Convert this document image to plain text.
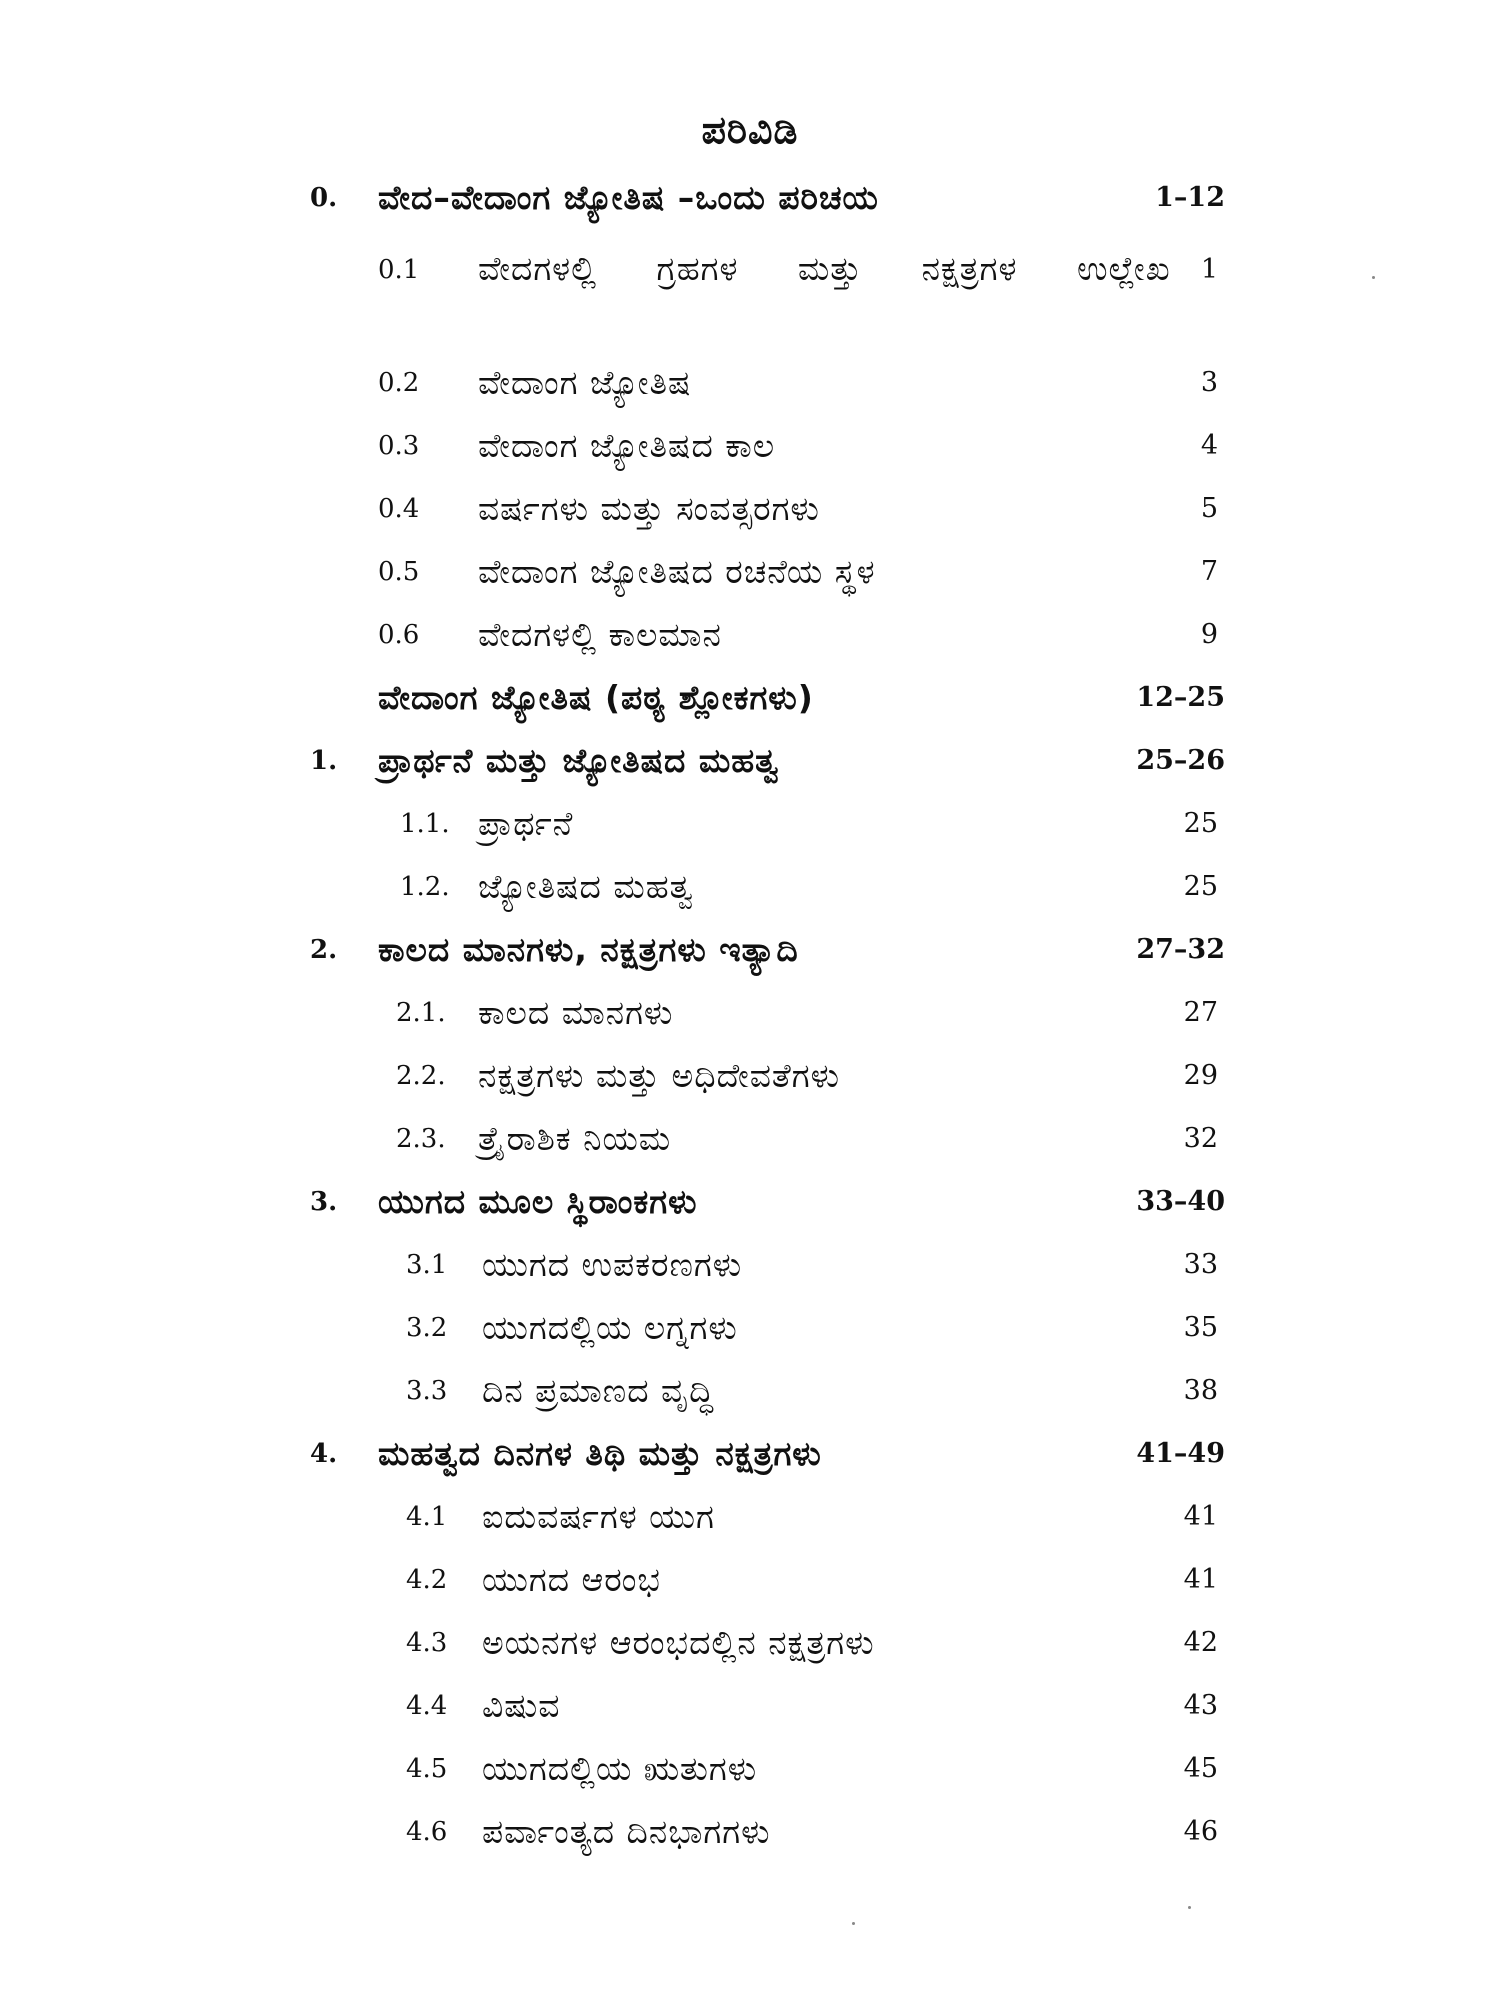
ಪರಿವಿಡಿ
0. ವೇದ–ವೇದಾಂಗ ಜ್ಯೋತಿಷ –ಒಂದು ಪರಿಚಯ	1–12
0.1 ವೇದಗಳಲ್ಲಿ ಗ್ರಹಗಳ ಮತ್ತು ನಕ್ಷತ್ರಗಳ ಉಲ್ಲೇಖ	1
0.2 ವೇದಾಂಗ ಜ್ಯೋತಿಷ	3
0.3 ವೇದಾಂಗ ಜ್ಯೋತಿಷದ ಕಾಲ	4
0.4 ವರ್ಷಗಳು ಮತ್ತು ಸಂವತ್ಸರಗಳು	5
0.5 ವೇದಾಂಗ ಜ್ಯೋತಿಷದ ರಚನೆಯ ಸ್ಥಳ	7
0.6 ವೇದಗಳಲ್ಲಿ ಕಾಲಮಾನ	9
ವೇದಾಂಗ ಜ್ಯೋತಿಷ (ಪಠ್ಯ ಶ್ಲೋಕಗಳು)	12–25
1. ಪ್ರಾರ್ಥನೆ ಮತ್ತು ಜ್ಯೋತಿಷದ ಮಹತ್ವ	25–26
1.1. ಪ್ರಾರ್ಥನೆ	25
1.2. ಜ್ಯೋತಿಷದ ಮಹತ್ವ	25
2. ಕಾಲದ ಮಾನಗಳು, ನಕ್ಷತ್ರಗಳು ಇತ್ಯಾದಿ	27–32
2.1. ಕಾಲದ ಮಾನಗಳು	27
2.2. ನಕ್ಷತ್ರಗಳು ಮತ್ತು ಅಧಿದೇವತೆಗಳು	29
2.3. ತ್ರೈರಾಶಿಕ ನಿಯಮ	32
3. ಯುಗದ ಮೂಲ ಸ್ಥಿರಾಂಕಗಳು	33–40
3.1 ಯುಗದ ಉಪಕರಣಗಳು	33
3.2 ಯುಗದಲ್ಲಿಯ ಲಗ್ನಗಳು	35
3.3 ದಿನ ಪ್ರಮಾಣದ ವೃದ್ಧಿ	38
4. ಮಹತ್ವದ ದಿನಗಳ ತಿಥಿ ಮತ್ತು ನಕ್ಷತ್ರಗಳು	41–49
4.1 ಐದುವರ್ಷಗಳ ಯುಗ	41
4.2 ಯುಗದ ಆರಂಭ	41
4.3 ಅಯನಗಳ ಆರಂಭದಲ್ಲಿನ ನಕ್ಷತ್ರಗಳು	42
4.4 ವಿಷುವ	43
4.5 ಯುಗದಲ್ಲಿಯ ಋತುಗಳು	45
4.6 ಪರ್ವಾಂತ್ಯದ ದಿನಭಾಗಗಳು	46
